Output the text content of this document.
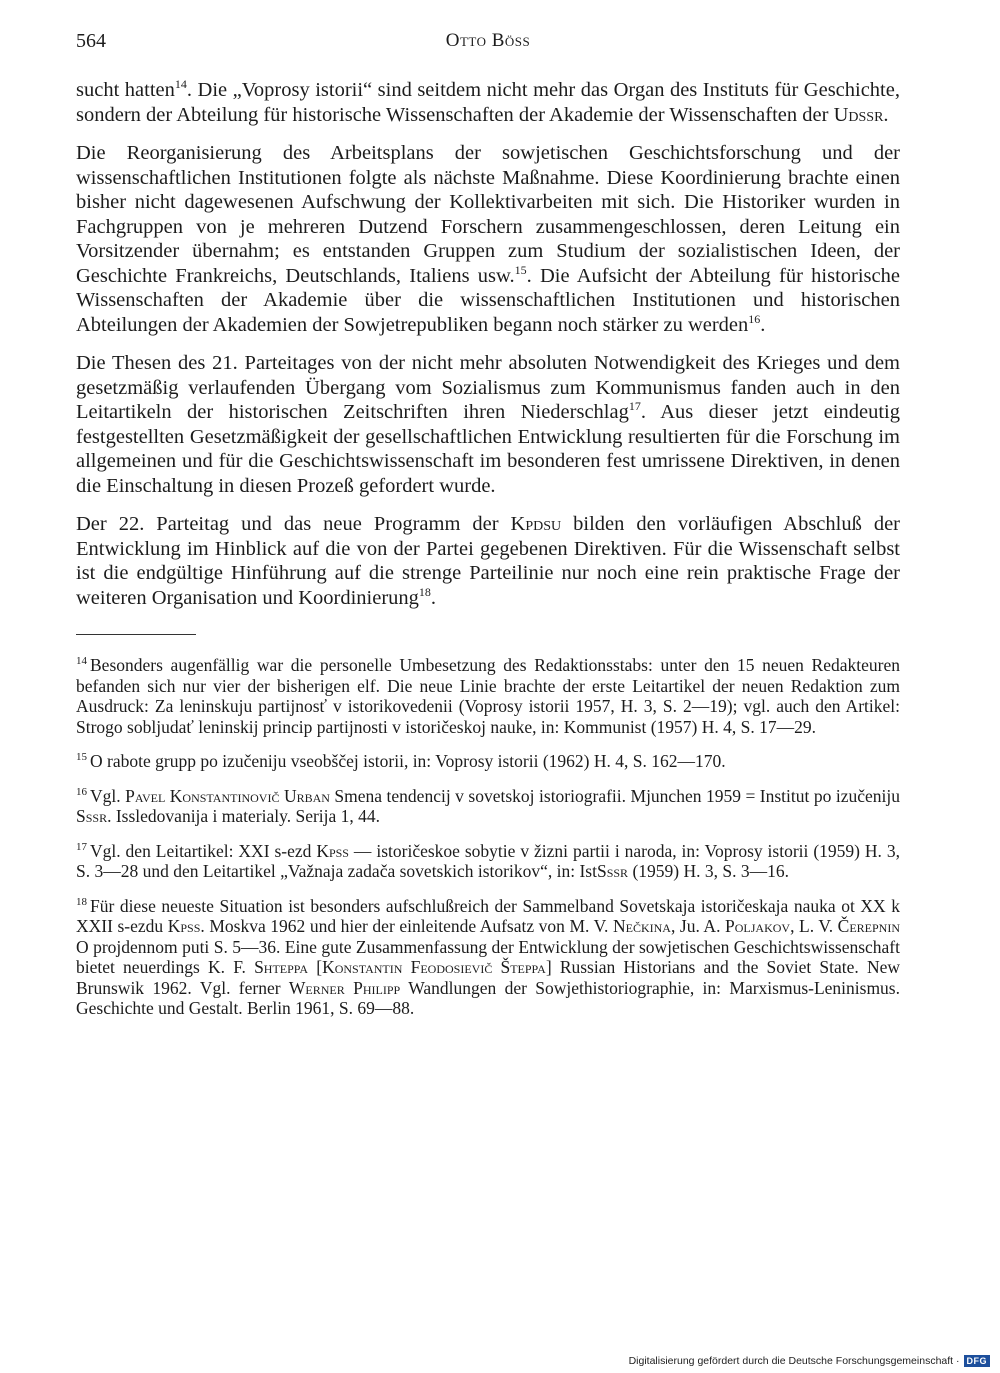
564	Otto Böss

sucht hatten$^{14}$. Die „Voprosy istorii“ sind seitdem nicht mehr das Organ des Instituts für Geschichte, sondern der Abteilung für historische Wissenschaften der Akademie der Wissenschaften der Udssr.

Die Reorganisierung des Arbeitsplans der sowjetischen Geschichtsforschung und der wissenschaftlichen Institutionen folgte als nächste Maßnahme. Diese Koordinierung brachte einen bisher nicht dagewesenen Aufschwung der Kollektivarbeiten mit sich. Die Historiker wurden in Fachgruppen von je mehreren Dutzend Forschern zusammengeschlossen, deren Leitung ein Vorsitzender übernahm; es entstanden Gruppen zum Studium der sozialistischen Ideen, der Geschichte Frankreichs, Deutschlands, Italiens usw.$^{15}$. Die Aufsicht der Abteilung für historische Wissenschaften der Akademie über die wissenschaftlichen Institutionen und historischen Abteilungen der Akademien der Sowjetrepubliken begann noch stärker zu werden$^{16}$.

Die Thesen des 21. Parteitages von der nicht mehr absoluten Notwendigkeit des Krieges und dem gesetzmäßig verlaufenden Übergang vom Sozialismus zum Kommunismus fanden auch in den Leitartikeln der historischen Zeitschriften ihren Niederschlag$^{17}$. Aus dieser jetzt eindeutig festgestellten Gesetzmäßigkeit der gesellschaftlichen Entwicklung resultierten für die Forschung im allgemeinen und für die Geschichtswissenschaft im besonderen fest umrissene Direktiven, in denen die Einschaltung in diesen Prozeß gefordert wurde.

Der 22. Parteitag und das neue Programm der Kpdsu bilden den vorläufigen Abschluß der Entwicklung im Hinblick auf die von der Partei gegebenen Direktiven. Für die Wissenschaft selbst ist die endgültige Hinführung auf die strenge Parteilinie nur noch eine rein praktische Frage der weiteren Organisation und Koordinierung$^{18}$.

$^{14}$ Besonders augenfällig war die personelle Umbesetzung des Redaktionsstabs: unter den 15 neuen Redakteuren befanden sich nur vier der bisherigen elf. Die neue Linie brachte der erste Leitartikel der neuen Redaktion zum Ausdruck: Za leninskuju partijnosť v istorikovedenii (Voprosy istorii 1957, H. 3, S. 2—19); vgl. auch den Artikel: Strogo sobljudať leninskij princip partijnosti v istoričeskoj nauke, in: Kommunist (1957) H. 4, S. 17—29.

$^{15}$ O rabote grupp po izučeniju vseobščej istorii, in: Voprosy istorii (1962) H. 4, S. 162—170.

$^{16}$ Vgl. Pavel Konstantinovič Urban Smena tendencij v sovetskoj istoriografii. Mjunchen 1959 = Institut po izučeniju Sssr. Issledovanija i materialy. Serija 1, 44.

$^{17}$ Vgl. den Leitartikel: XXI s-ezd Kpss — istoričeskoe sobytie v žizni partii i naroda, in: Voprosy istorii (1959) H. 3, S. 3—28 und den Leitartikel „Važnaja zadača sovetskich istorikov“, in: IstSssr (1959) H. 3, S. 3—16.

$^{18}$ Für diese neueste Situation ist besonders aufschlußreich der Sammelband Sovetskaja istoričeskaja nauka ot XX k XXII s-ezdu Kpss. Moskva 1962 und hier der einleitende Aufsatz von M. V. Nečkina, Ju. A. Poljakov, L. V. Čerepnin O projdennom puti S. 5—36. Eine gute Zusammenfassung der Entwicklung der sowjetischen Geschichtswissenschaft bietet neuerdings K. F. Shteppa [Konstantin Feodosievič Šteppa] Russian Historians and the Soviet State. New Brunswik 1962. Vgl. ferner Werner Philipp Wandlungen der Sowjethistoriographie, in: Marxismus-Leninismus. Geschichte und Gestalt. Berlin 1961, S. 69—88.

Digitalisierung gefördert durch die Deutsche Forschungsgemeinschaft · DFG
